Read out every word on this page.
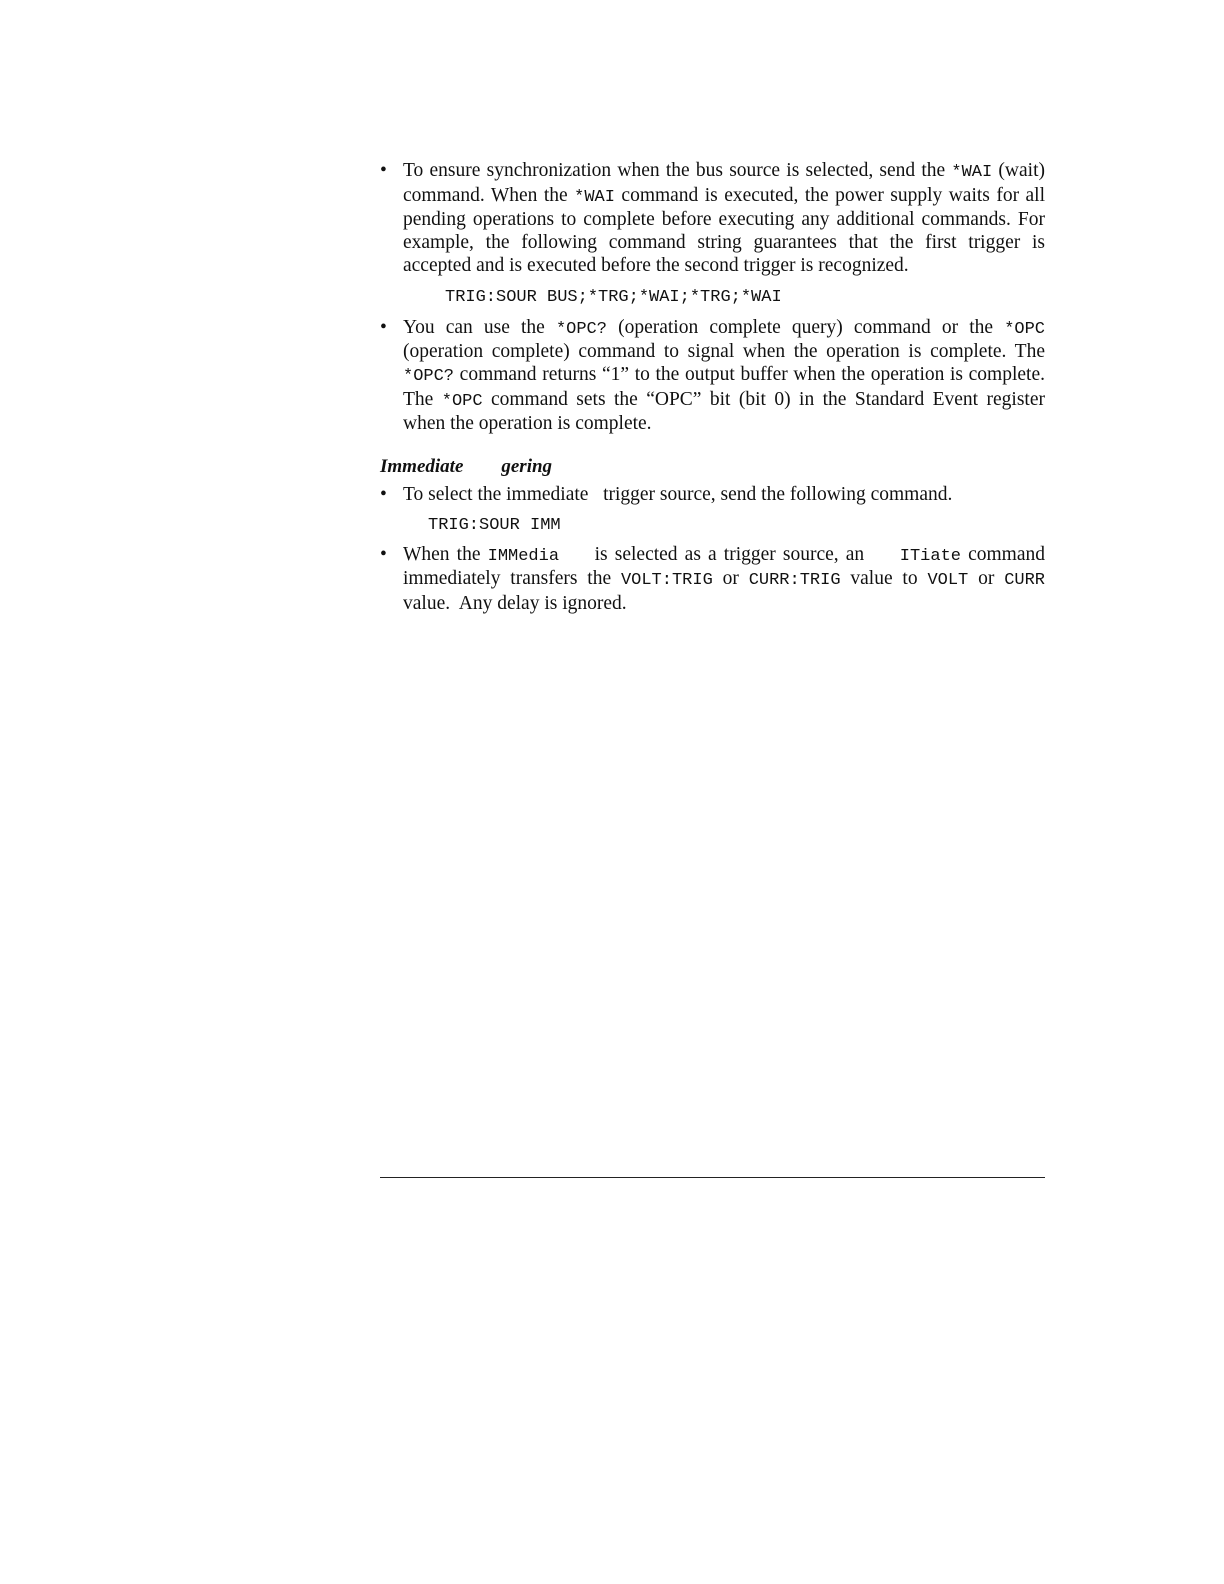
• To ensure synchronization when the bus source is selected, send the *WAI (wait) command. When the *WAI command is executed, the power supply waits for all pending operations to complete before executing any additional commands. For example, the following command string guarantees that the first trigger is accepted and is executed before the second trigger is recognized.

TRIG:SOUR BUS;*TRG;*WAI;*TRG;*WAI

• You can use the *OPC? (operation complete query) command or the *OPC (operation complete) command to signal when the operation is complete. The *OPC? command returns “1” to the output buffer when the operation is complete. The *OPC command sets the “OPC” bit (bit 0) in the Standard Event register when the operation is complete.

Immediate        gering

• To select the immediate   trigger source, send the following command.

TRIG:SOUR IMM

• When the IMMedia     is selected as a trigger source, an     ITiate command immediately transfers the VOLT:TRIG or CURR:TRIG value to VOLT or CURR value.  Any delay is ignored.
